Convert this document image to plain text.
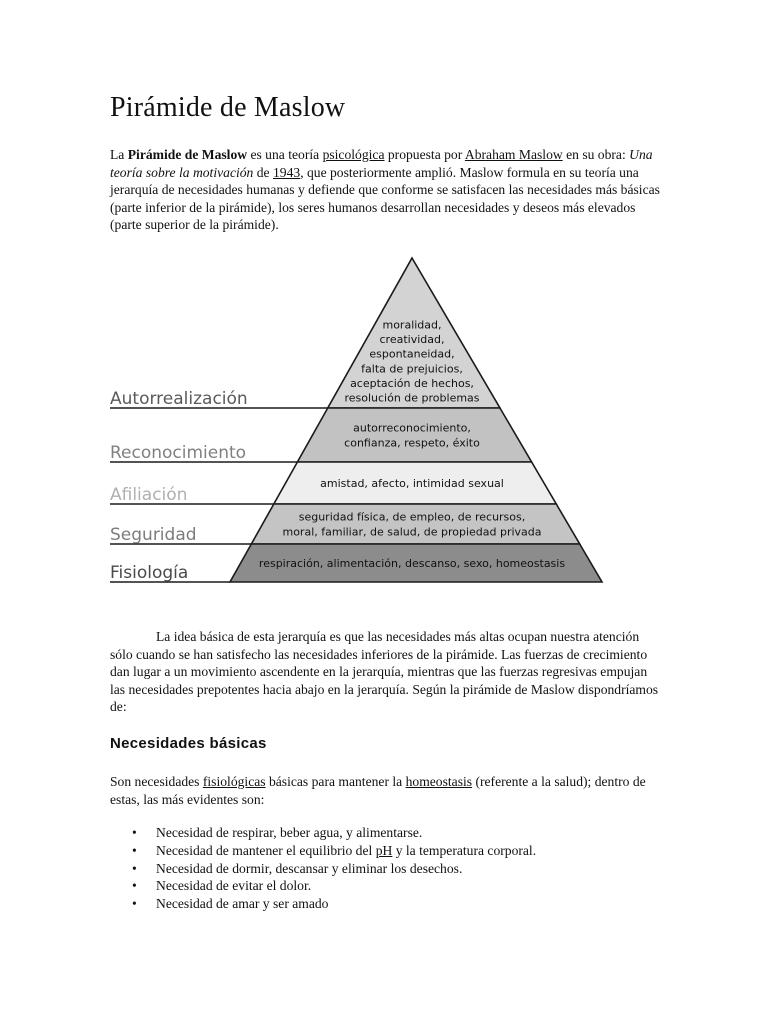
Pirámide de Maslow

La Pirámide de Maslow es una teoría psicológica propuesta por Abraham Maslow en su obra: Una teoría sobre la motivación de 1943, que posteriormente amplió. Maslow formula en su teoría una jerarquía de necesidades humanas y defiende que conforme se satisfacen las necesidades más básicas (parte inferior de la pirámide), los seres humanos desarrollan necesidades y deseos más elevados (parte superior de la pirámide).

moralidad,
creatividad,
espontaneidad,
falta de prejuicios,
aceptación de hechos,
resolución de problemas
autorreconocimiento,
confianza, respeto, éxito
amistad, afecto, intimidad sexual
seguridad física, de empleo, de recursos,
moral, familiar, de salud, de propiedad privada
respiración, alimentación, descanso, sexo, homeostasis
Autorrealización
Reconocimiento
Afiliación
Seguridad
Fisiología

La idea básica de esta jerarquía es que las necesidades más altas ocupan nuestra atención sólo cuando se han satisfecho las necesidades inferiores de la pirámide. Las fuerzas de crecimiento dan lugar a un movimiento ascendente en la jerarquía, mientras que las fuerzas regresivas empujan las necesidades prepotentes hacia abajo en la jerarquía. Según la pirámide de Maslow dispondríamos de:

Necesidades básicas

Son necesidades fisiológicas básicas para mantener la homeostasis (referente a la salud); dentro de estas, las más evidentes son:

• Necesidad de respirar, beber agua, y alimentarse.
• Necesidad de mantener el equilibrio del pH y la temperatura corporal.
• Necesidad de dormir, descansar y eliminar los desechos.
• Necesidad de evitar el dolor.
• Necesidad de amar y ser amado
